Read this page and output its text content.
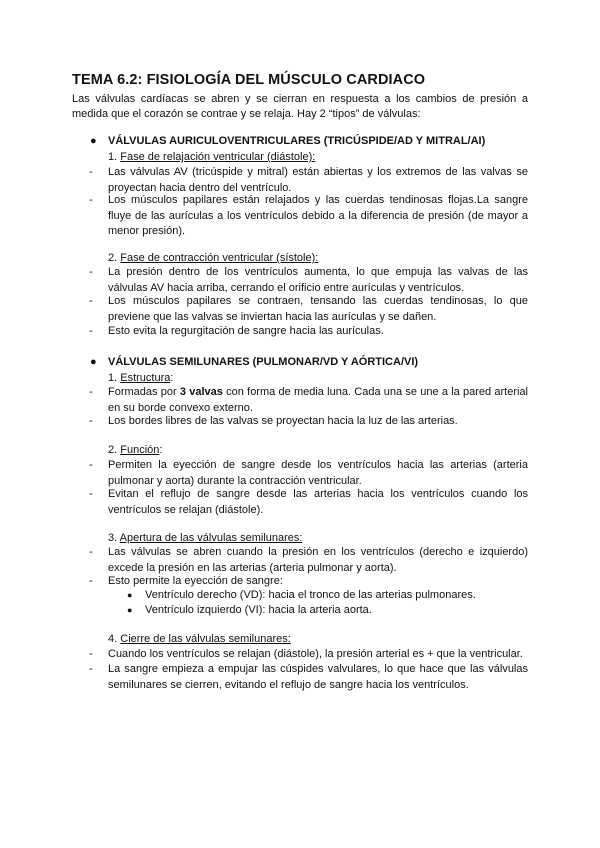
TEMA 6.2: FISIOLOGÍA DEL MÚSCULO CARDIACO
Las válvulas cardíacas se abren y se cierran en respuesta a los cambios de presión a medida que el corazón se contrae y se relaja. Hay 2 “tipos” de válvulas:
● VÁLVULAS AURICULOVENTRICULARES (TRICÚSPIDE/AD Y MITRAL/AI)
1. Fase de relajación ventricular (diástole):
- Las válvulas AV (tricúspide y mitral) están abiertas y los extremos de las valvas se proyectan hacia dentro del ventrículo.
- Los músculos papilares están relajados y las cuerdas tendinosas flojas.La sangre fluye de las aurículas a los ventrículos debido a la diferencia de presión (de mayor a menor presión).
2. Fase de contracción ventricular (sístole):
- La presión dentro de los ventrículos aumenta, lo que empuja las valvas de las válvulas AV hacia arriba, cerrando el orificio entre aurículas y ventrículos.
- Los músculos papilares se contraen, tensando las cuerdas tendinosas, lo que previene que las valvas se inviertan hacia las aurículas y se dañen.
- Esto evita la regurgitación de sangre hacia las aurículas.
● VÁLVULAS SEMILUNARES (PULMONAR/VD Y AÓRTICA/VI)
1. Estructura:
- Formadas por 3 valvas con forma de media luna. Cada una se une a la pared arterial en su borde convexo externo.
- Los bordes libres de las valvas se proyectan hacia la luz de las arterias.
2. Función:
- Permiten la eyección de sangre desde los ventrículos hacia las arterias (arteria pulmonar y aorta) durante la contracción ventricular.
- Evitan el reflujo de sangre desde las arterias hacia los ventrículos cuando los ventrículos se relajan (diástole).
3. Apertura de las válvulas semilunares:
- Las válvulas se abren cuando la presión en los ventrículos (derecho e izquierdo) excede la presión en las arterias (arteria pulmonar y aorta).
- Esto permite la eyección de sangre:
● Ventrículo derecho (VD): hacia el tronco de las arterias pulmonares.
● Ventrículo izquierdo (VI): hacia la arteria aorta.
4. Cierre de las válvulas semilunares:
- Cuando los ventrículos se relajan (diástole), la presión arterial es + que la ventricular.
- La sangre empieza a empujar las cúspides valvulares, lo que hace que las válvulas semilunares se cierren, evitando el reflujo de sangre hacia los ventrículos.
